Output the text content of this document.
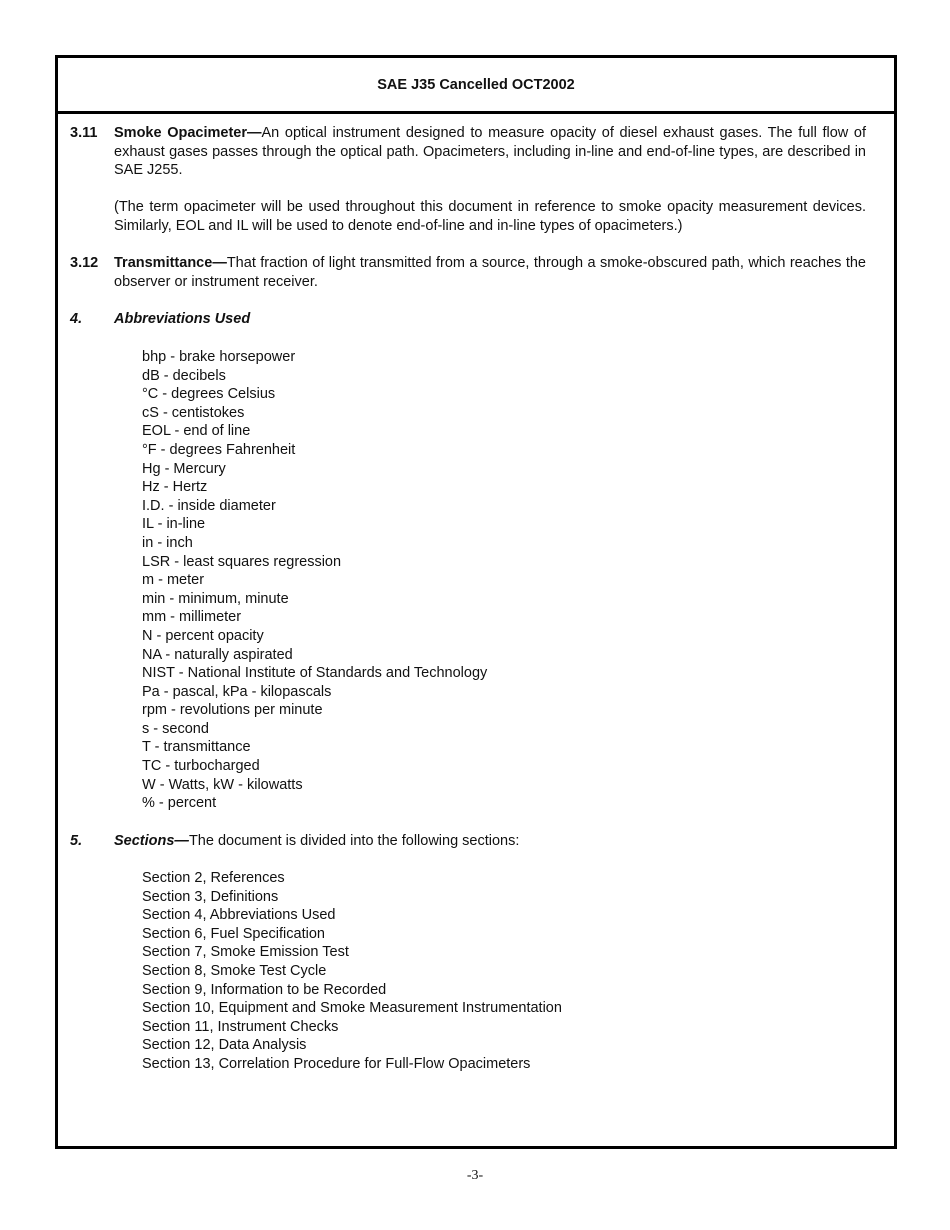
SAE J35 Cancelled OCT2002
3.11 Smoke Opacimeter—An optical instrument designed to measure opacity of diesel exhaust gases. The full flow of exhaust gases passes through the optical path. Opacimeters, including in-line and end-of-line types, are described in SAE J255.
(The term opacimeter will be used throughout this document in reference to smoke opacity measurement devices. Similarly, EOL and IL will be used to denote end-of-line and in-line types of opacimeters.)
3.12 Transmittance—That fraction of light transmitted from a source, through a smoke-obscured path, which reaches the observer or instrument receiver.
4. Abbreviations Used
bhp - brake horsepower
dB - decibels
°C - degrees Celsius
cS - centistokes
EOL - end of line
°F - degrees Fahrenheit
Hg - Mercury
Hz - Hertz
I.D. - inside diameter
IL - in-line
in - inch
LSR - least squares regression
m - meter
min - minimum, minute
mm - millimeter
N - percent opacity
NA - naturally aspirated
NIST - National Institute of Standards and Technology
Pa - pascal, kPa - kilopascals
rpm - revolutions per minute
s - second
T - transmittance
TC - turbocharged
W - Watts, kW - kilowatts
% - percent
5. Sections—The document is divided into the following sections:
Section 2, References
Section 3, Definitions
Section 4, Abbreviations Used
Section 6, Fuel Specification
Section 7, Smoke Emission Test
Section 8, Smoke Test Cycle
Section 9, Information to be Recorded
Section 10, Equipment and Smoke Measurement Instrumentation
Section 11, Instrument Checks
Section 12, Data Analysis
Section 13, Correlation Procedure for Full-Flow Opacimeters
-3-
